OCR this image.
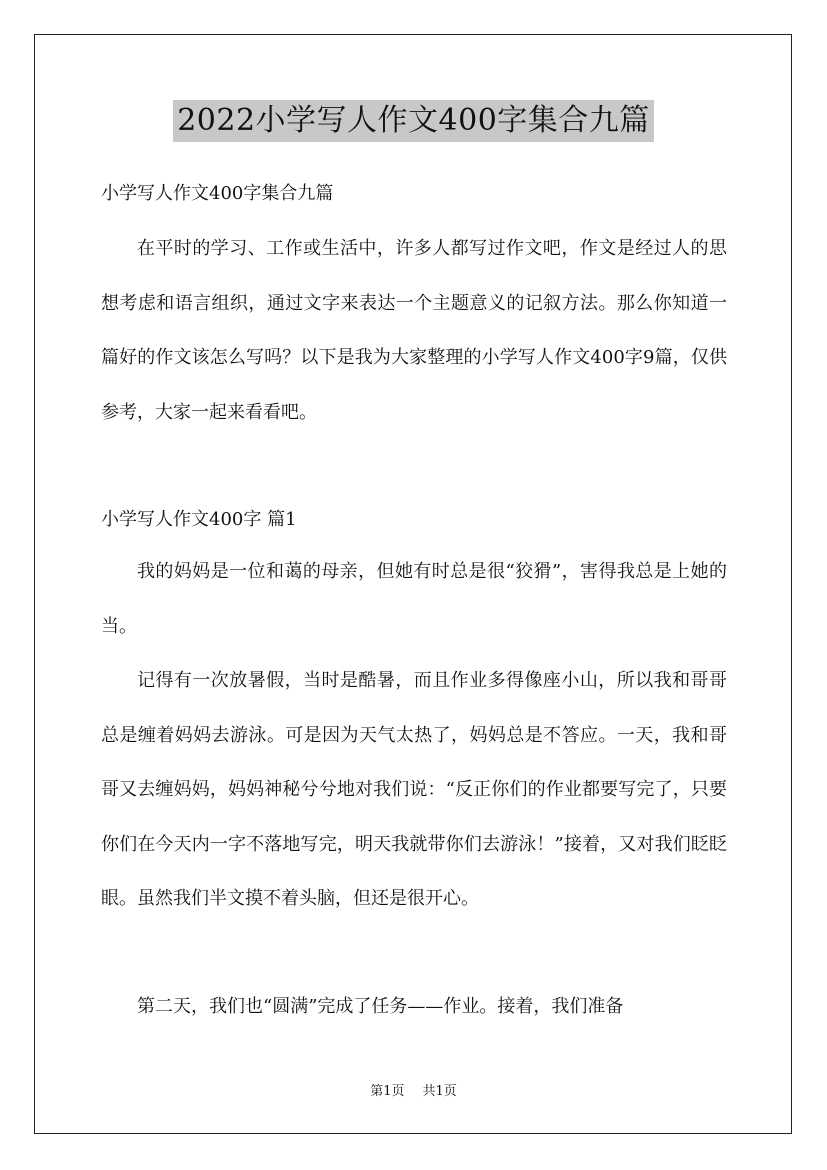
2022小学写人作文400字集合九篇
小学写人作文400字集合九篇

在平时的学习、工作或生活中，许多人都写过作文吧，作文是经过人的思想考虑和语言组织，通过文字来表达一个主题意义的记叙方法。那么你知道一篇好的作文该怎么写吗？以下是我为大家整理的小学写人作文400字9篇，仅供参考，大家一起来看看吧。

小学写人作文400字 篇1

我的妈妈是一位和蔼的母亲，但她有时总是很“狡猾”，害得我总是上她的当。

记得有一次放暑假，当时是酷暑，而且作业多得像座小山，所以我和哥哥总是缠着妈妈去游泳。可是因为天气太热了，妈妈总是不答应。一天，我和哥哥又去缠妈妈，妈妈神秘兮兮地对我们说：“反正你们的作业都要写完了，只要你们在今天内一字不落地写完，明天我就带你们去游泳！”接着，又对我们眨眨眼。虽然我们半文摸不着头脑，但还是很开心。

第二天，我们也“圆满”完成了任务——作业。接着，我们准备

第1页 共1页
